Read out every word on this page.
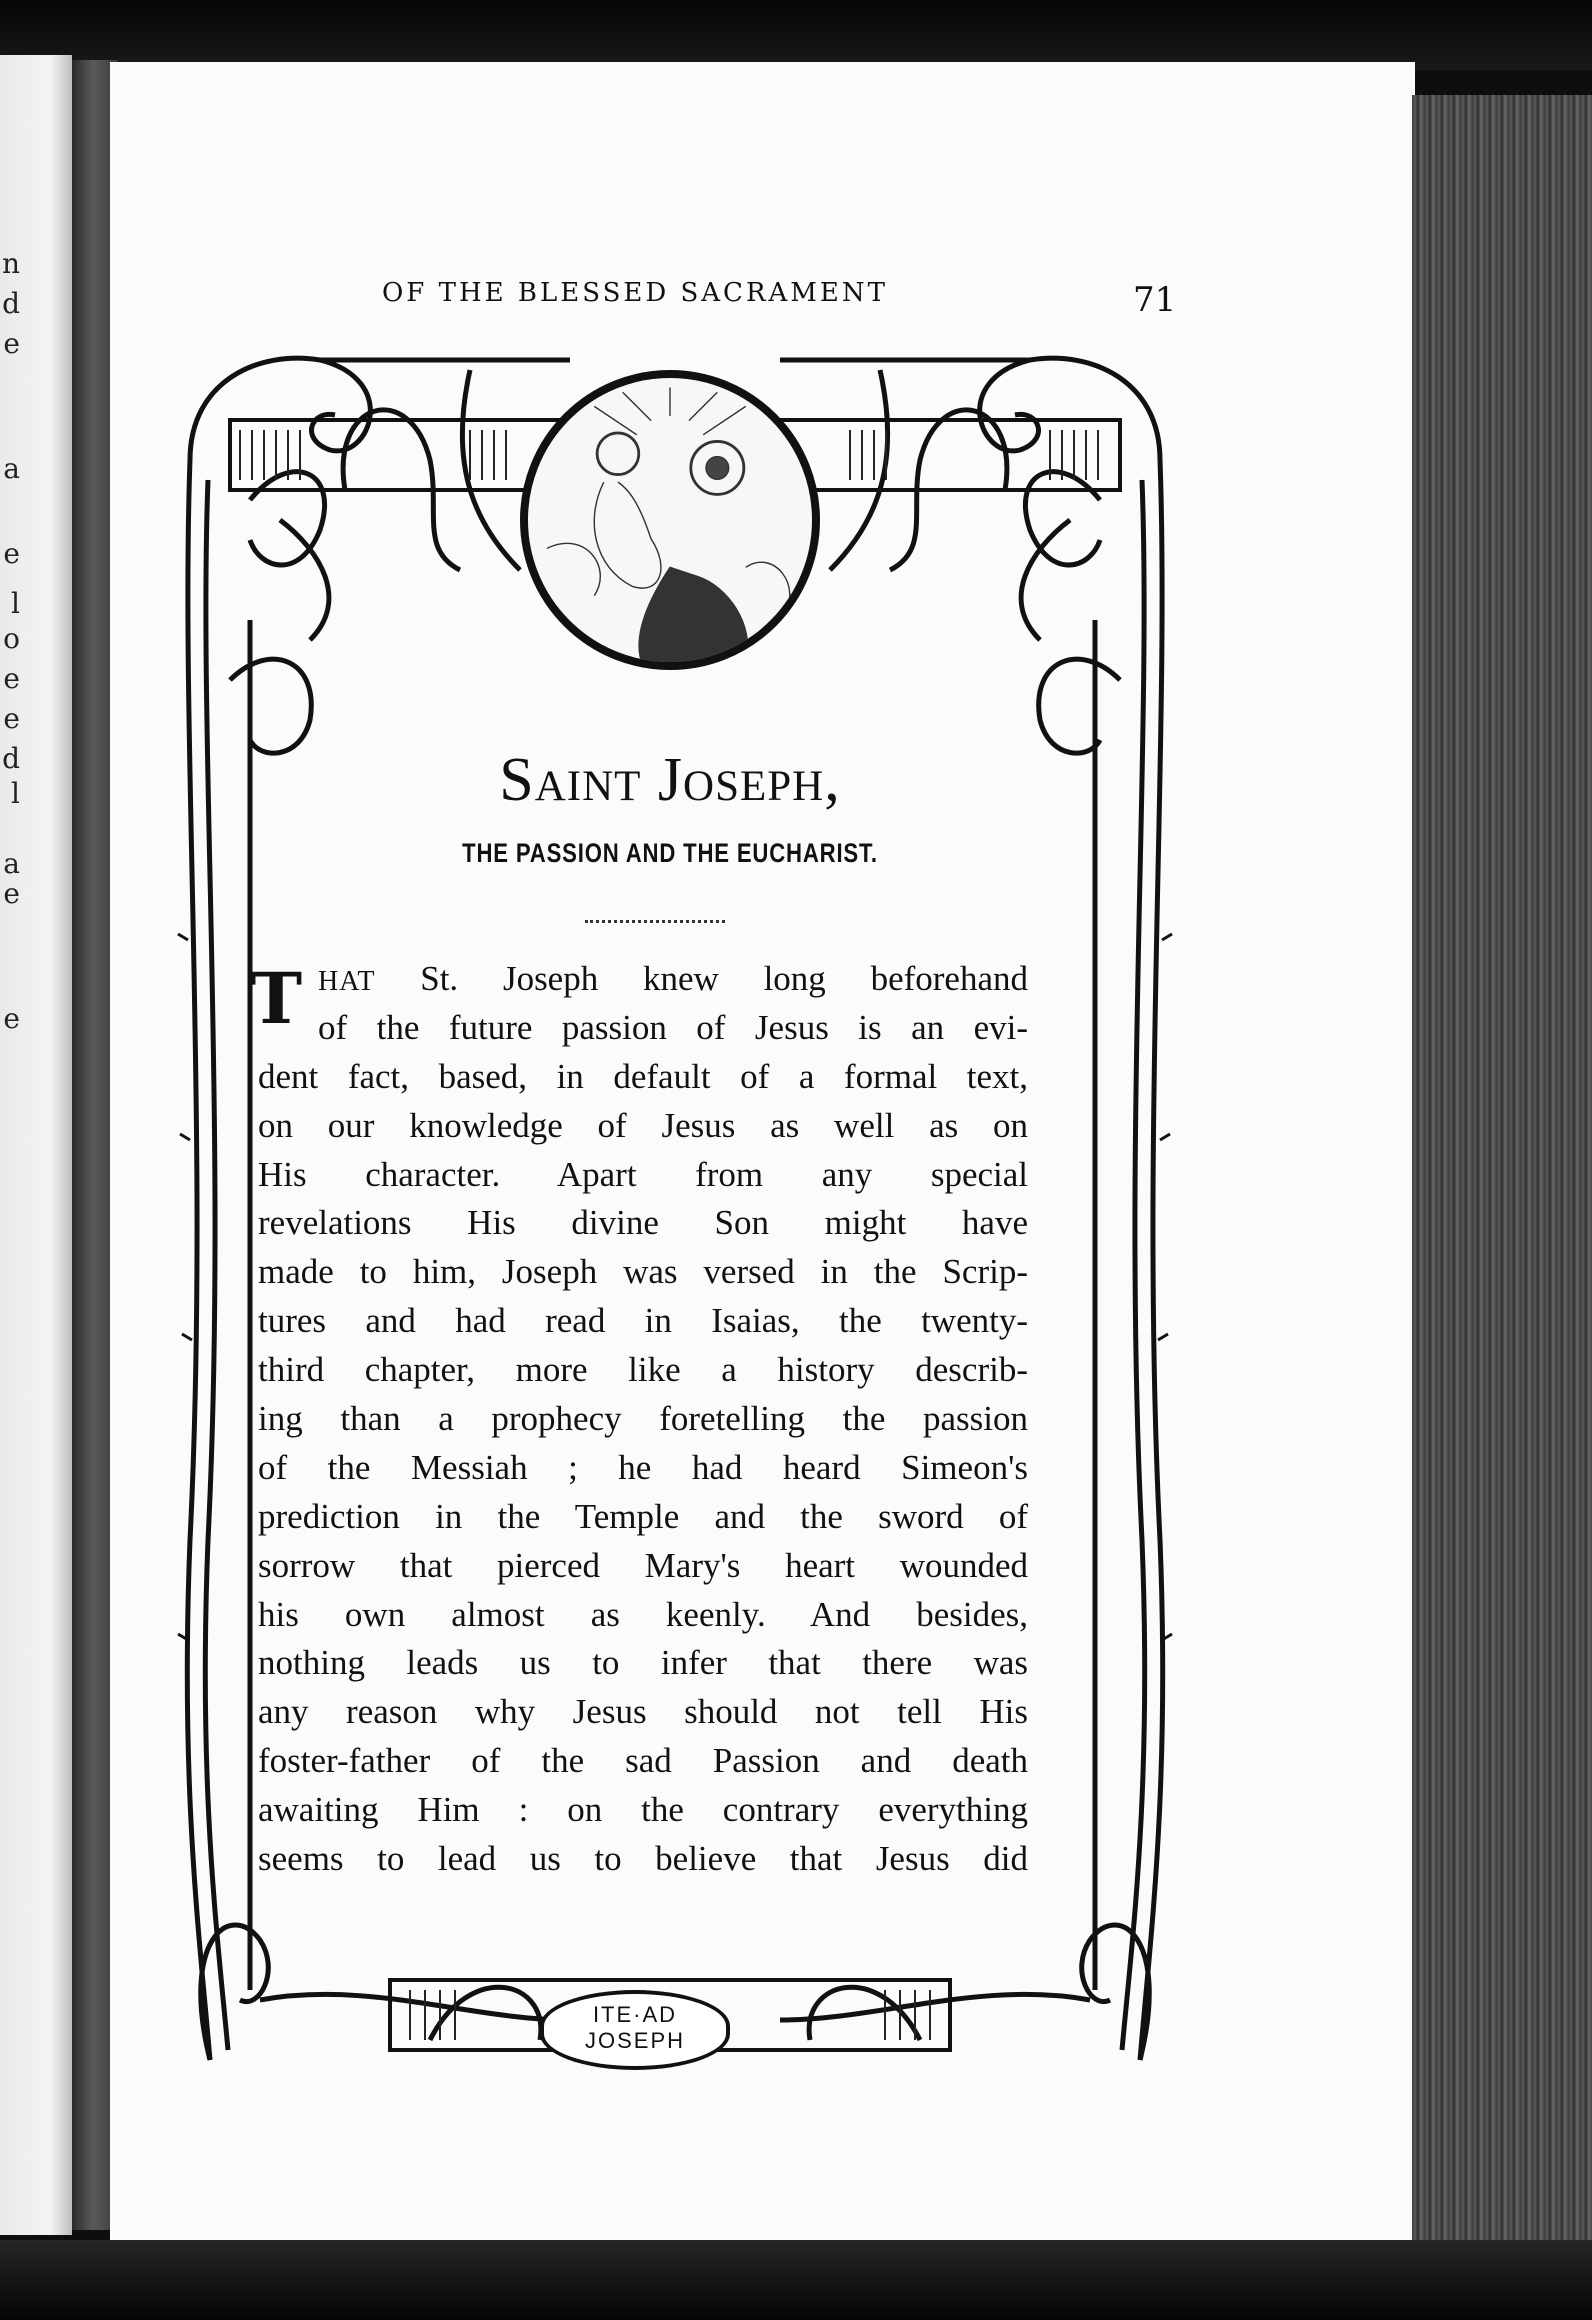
n
d
e
a
e
l
o
e
e
d
l
a
e
e
OF THE BLESSED SACRAMENT	71
Saint Joseph,
THE PASSION AND THE EUCHARIST.
T HAT St. Joseph knew long beforehand
of the future passion of Jesus is an evi-
dent fact, based, in default of a formal text,
on our knowledge of Jesus as well as on
His character. Apart from any special
revelations His divine Son might have
made to him, Joseph was versed in the Scrip-
tures and had read in Isaias, the twenty-
third chapter, more like a history describ-
ing than a prophecy foretelling the passion
of the Messiah ; he had heard Simeon's
prediction in the Temple and the sword of
sorrow that pierced Mary's heart wounded
his own almost as keenly. And besides,
nothing leads us to infer that there was
any reason why Jesus should not tell His
foster-father of the sad Passion and death
awaiting Him : on the contrary everything
seems to lead us to believe that Jesus did
ITE·AD
JOSEPH
